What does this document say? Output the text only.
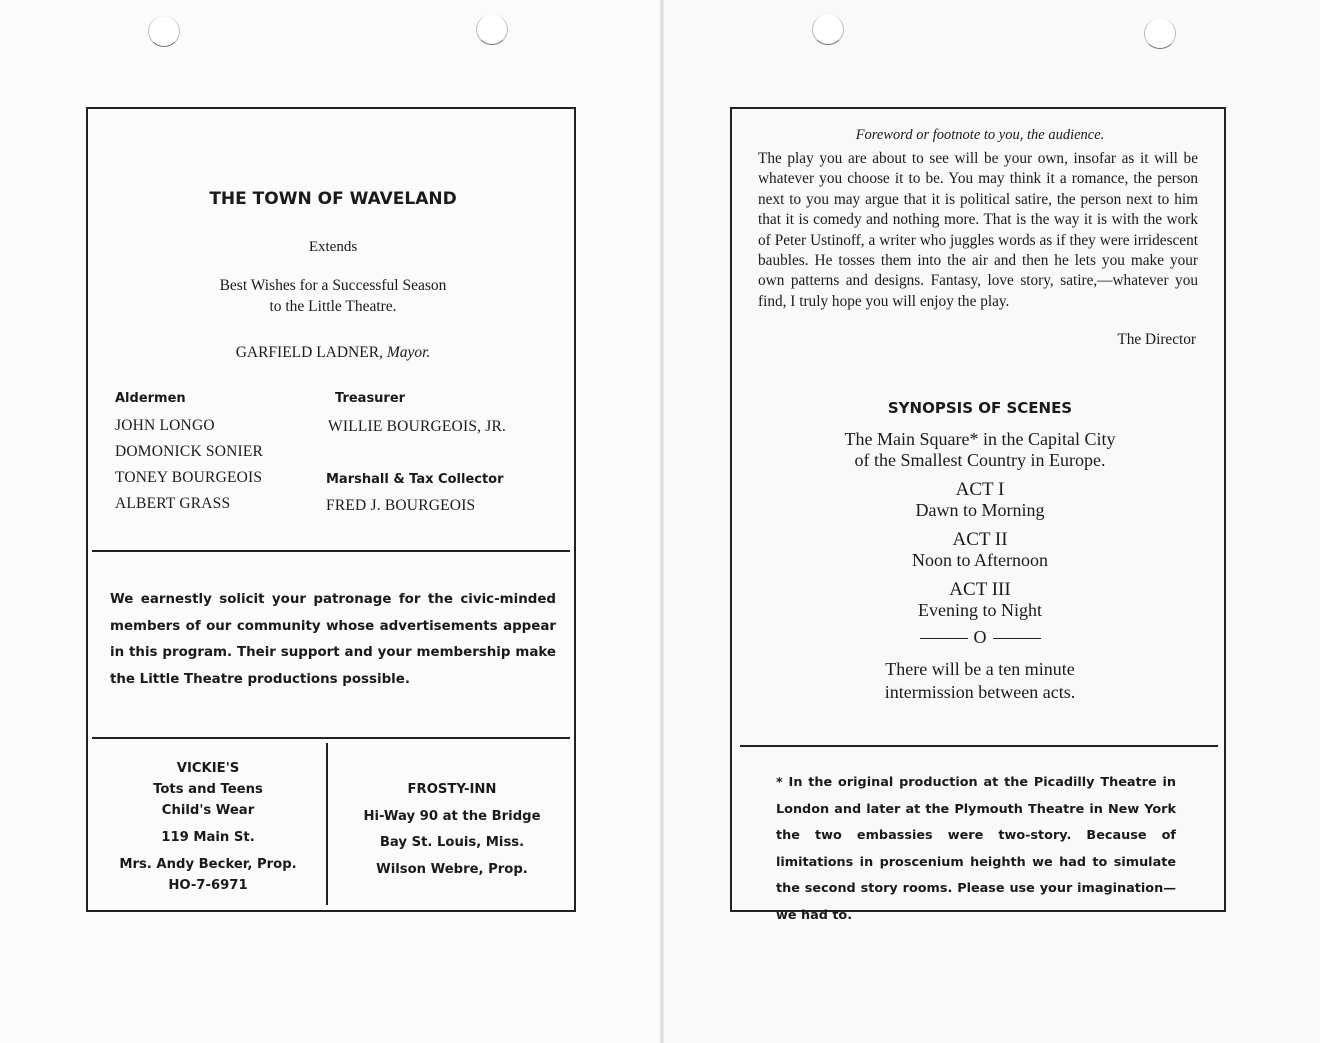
THE TOWN OF WAVELAND
Extends
Best Wishes for a Successful Season
to the Little Theatre.
GARFIELD LADNER, Mayor.
Aldermen
JOHN LONGO
DOMONICK SONIER
TONEY BOURGEOIS
ALBERT GRASS
Treasurer
WILLIE BOURGEOIS, JR.
Marshall & Tax Collector
FRED J. BOURGEOIS
We earnestly solicit your patronage for the civic-minded members of our community whose advertisements appear in this program. Their support and your membership make the Little Theatre productions possible.
VICKIE'S
Tots and Teens
Child's Wear
119 Main St.
Mrs. Andy Becker, Prop.
HO-7-6971
FROSTY-INN
Hi-Way 90 at the Bridge
Bay St. Louis, Miss.
Wilson Webre, Prop.
Foreword or footnote to you, the audience.
The play you are about to see will be your own, insofar as it will be whatever you choose it to be. You may think it a romance, the person next to you may argue that it is political satire, the person next to him that it is comedy and nothing more. That is the way it is with the work of Peter Ustinoff, a writer who juggles words as if they were irridescent baubles. He tosses them into the air and then he lets you make your own patterns and designs. Fantasy, love story, satire,—whatever you find, I truly hope you will enjoy the play.
The Director
SYNOPSIS OF SCENES
The Main Square* in the Capital City
of the Smallest Country in Europe.
ACT I
Dawn to Morning
ACT II
Noon to Afternoon
ACT III
Evening to Night
O
There will be a ten minute
intermission between acts.
* In the original production at the Picadilly Theatre in London and later at the Plymouth Theatre in New York the two embassies were two-story. Because of limitations in proscenium heighth we had to simulate the second story rooms. Please use your imagination—we had to.
